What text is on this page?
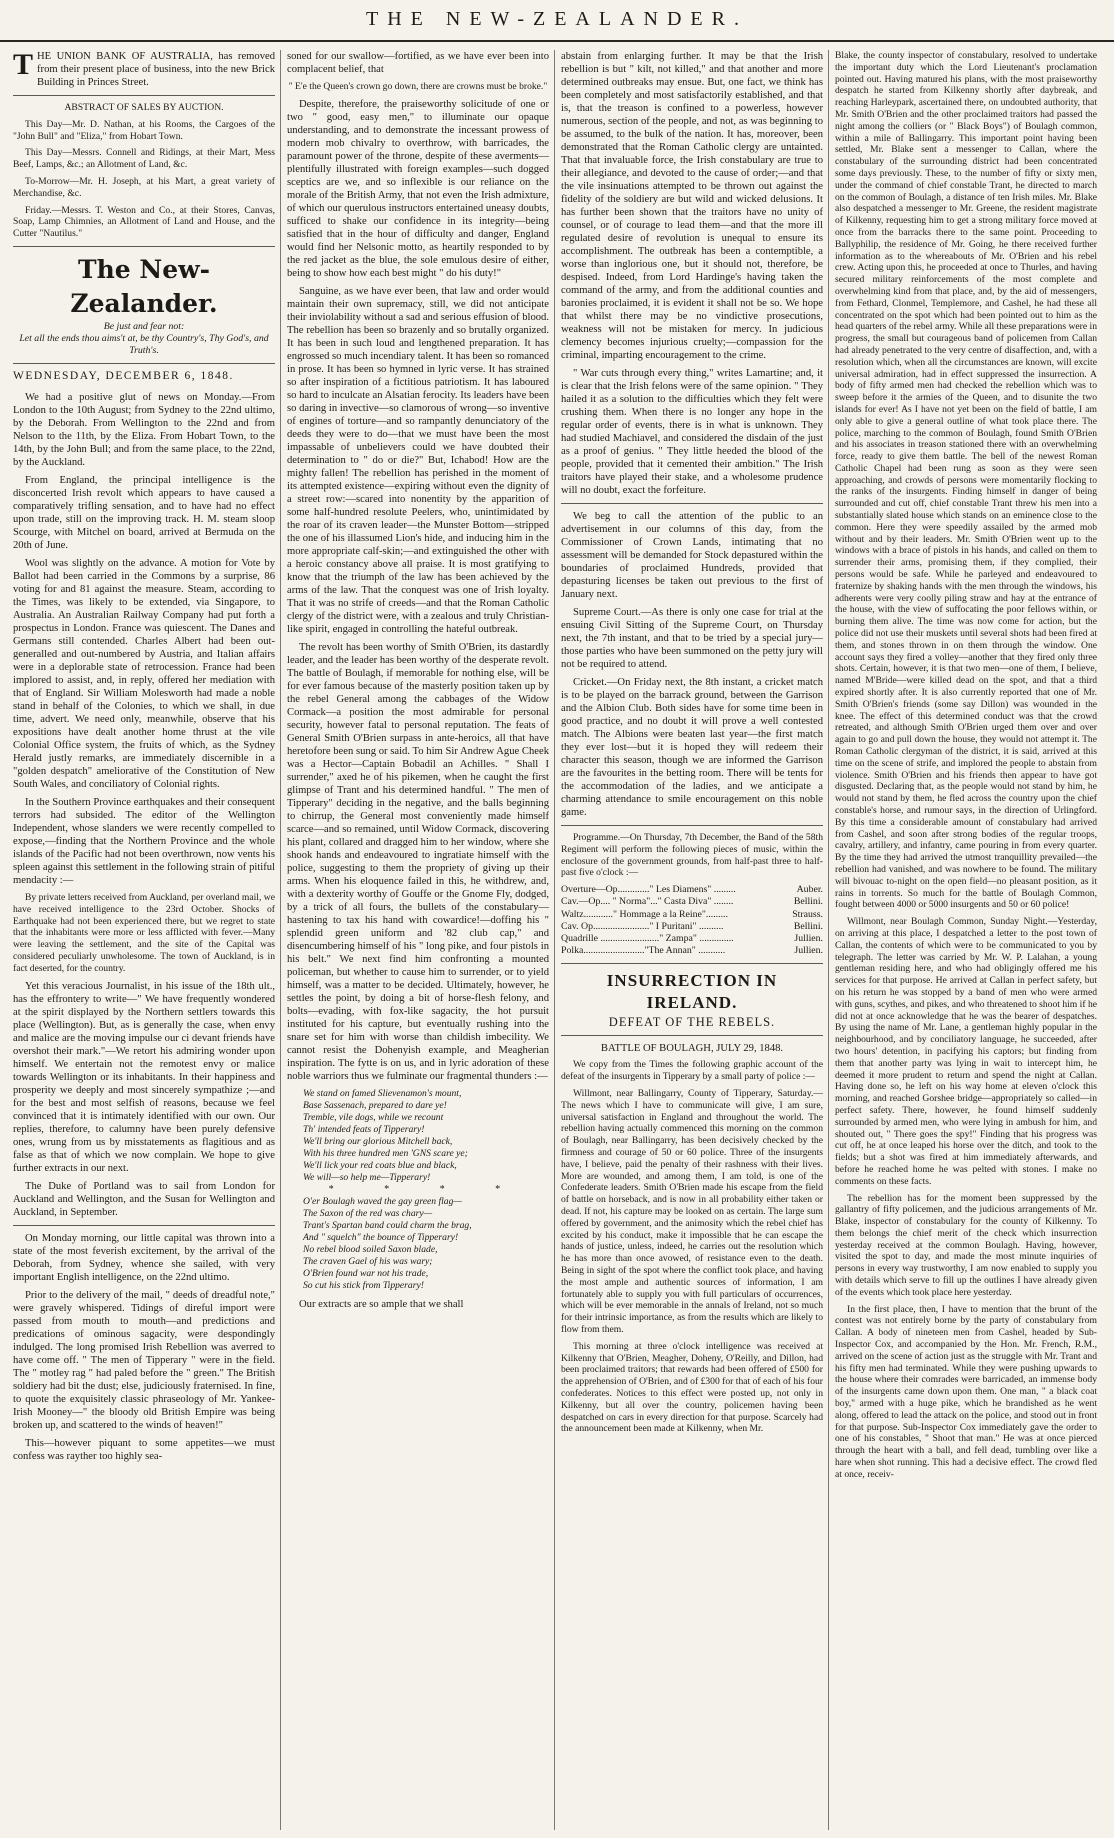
THE NEW-ZEALANDER.

THE UNION BANK OF AUSTRALIA, has removed from their present place of business, into the new Brick Building in Princes Street.

ABSTRACT OF SALES BY AUCTION.

This Day—Mr. D. Nathan, at his Rooms, the Cargoes of the "John Bull" and "Eliza," from Hobart Town.

This Day—Messrs. Connell and Ridings, at their Mart, Mess Beef, Lamps, &c.; an Allotment of Land, &c.

To-Morrow—Mr. H. Joseph, at his Mart, a great variety of Merchandise, &c.

Friday.—Messrs. T. Weston and Co., at their Stores, Canvas, Soap, Lamp Chimnies, an Allotment of Land and House, and the Cutter "Nautilus."

The New-Zealander.
Be just and fear not:
Let all the ends thou aims't at, be thy Country's, Thy God's, and Truth's.
WEDNESDAY, DECEMBER 6, 1848.

We had a positive glut of news on Monday.—From London to the 10th August; from Sydney to the 22nd ultimo, by the Deborah. From Wellington to the 22nd and from Nelson to the 11th, by the Eliza. From Hobart Town, to the 14th, by the John Bull; and from the same place, to the 22nd, by the Auckland.

From England, the principal intelligence is the disconcerted Irish revolt which appears to have caused a comparatively trifling sensation, and to have had no effect upon trade, still on the improving track. H. M. steam sloop Scourge, with Mitchel on board, arrived at Bermuda on the 20th of June.

Wool was slightly on the advance. A motion for Vote by Ballot had been carried in the Commons by a surprise, 86 voting for and 81 against the measure. Steam, according to the Times, was likely to be extended, via Singapore, to Australia. An Australian Railway Company had put forth a prospectus in London. France was quiescent. The Danes and Germans still contended. Charles Albert had been out-generalled and out-numbered by Austria, and Italian affairs were in a deplorable state of retrocession. France had been implored to assist, and, in reply, offered her mediation with that of England. Sir William Molesworth had made a noble stand in behalf of the Colonies, to which we shall, in due time, advert. We need only, meanwhile, observe that his expositions have dealt another home thrust at the vile Colonial Office system, the fruits of which, as the Sydney Herald justly remarks, are immediately discernible in a "golden despatch" ameliorative of the Constitution of New South Wales, and conciliatory of Colonial rights.

In the Southern Province earthquakes and their consequent terrors had subsided. The editor of the Wellington Independent, whose slanders we were recently compelled to expose,—finding that the Northern Province and the whole islands of the Pacific had not been overthrown, now vents his spleen against this settlement in the following strain of pitiful mendacity :—

By private letters received from Auckland, per overland mail, we have received intelligence to the 23rd October. Shocks of Earthquake had not been experienced there, but we regret to state that the inhabitants were more or less afflicted with fever.—Many were leaving the settlement, and the site of the Capital was considered peculiarly unwholesome. The town of Auckland, is in fact deserted, for the country.

Yet this veracious Journalist, in his issue of the 18th ult., has the effrontery to write—" We have frequently wondered at the spirit displayed by the Northern settlers towards this place (Wellington). But, as is generally the case, when envy and malice are the moving impulse our ci devant friends have overshot their mark."—We retort his admiring wonder upon himself. We entertain not the remotest envy or malice towards Wellington or its inhabitants. In their happiness and prosperity we deeply and most sincerely sympathize ;—and for the best and most selfish of reasons, because we feel convinced that it is intimately identified with our own. Our replies, therefore, to calumny have been purely defensive ones, wrung from us by misstatements as flagitious and as false as that of which we now complain. We hope to give further extracts in our next.

The Duke of Portland was to sail from London for Auckland and Wellington, and the Susan for Wellington and Auckland, in September.

On Monday morning, our little capital was thrown into a state of the most feverish excitement, by the arrival of the Deborah, from Sydney, whence she sailed, with very important English intelligence, on the 22nd ultimo.

Prior to the delivery of the mail, " deeds of dreadful note," were gravely whispered. Tidings of direful import were passed from mouth to mouth—and predictions and predications of ominous sagacity, were despondingly indulged. The long promised Irish Rebellion was averred to have come off. " The men of Tipperary " were in the field. The " motley rag " had paled before the " green." The British soldiery had bit the dust; else, judiciously fraternised. In fine, to quote the exquisitely classic phraseology of Mr. Yankee-Irish Mooney—" the bloody old British Empire was being broken up, and scattered to the winds of heaven!"

This—however piquant to some appetites—we must confess was rayther too highly sea-

soned for our swallow—fortified, as we have ever been into complacent belief, that

" E'e the Queen's crown go down, there are crowns must be broke."

Despite, therefore, the praiseworthy solicitude of one or two " good, easy men," to illuminate our opaque understanding, and to demonstrate the incessant prowess of modern mob chivalry to overthrow, with barricades, the paramount power of the throne, despite of these averments—plentifully illustrated with foreign examples—such dogged sceptics are we, and so inflexible is our reliance on the morale of the British Army, that not even the Irish admixture, of which our querulous instructors entertained uneasy doubts, sufficed to shake our confidence in its integrity—being satisfied that in the hour of difficulty and danger, England would find her Nelsonic motto, as heartily responded to by the red jacket as the blue, the sole emulous desire of either, being to show how each best might " do his duty!"

Sanguine, as we have ever been, that law and order would maintain their own supremacy, still, we did not anticipate their inviolability without a sad and serious effusion of blood. The rebellion has been so brazenly and so brutally organized. It has been in such loud and lengthened preparation. It has engrossed so much incendiary talent. It has been so romanced in prose. It has been so hymned in lyric verse. It has strained so after inspiration of a fictitious patriotism. It has laboured so hard to inculcate an Alsatian ferocity. Its leaders have been so daring in invective—so clamorous of wrong—so inventive of engines of torture—and so rampantly denunciatory of the deeds they were to do—that we must have been the most impassable of unbelievers could we have doubted their determination to " do or die?" But, Ichabod! How are the mighty fallen! The rebellion has perished in the moment of its attempted existence—expiring without even the dignity of a street row:—scared into nonentity by the apparition of some half-hundred resolute Peelers, who, unintimidated by the roar of its craven leader—the Munster Bottom—stripped the one of his illassumed Lion's hide, and inducing him in the more appropriate calf-skin;—and extinguished the other with a heroic constancy above all praise. It is most gratifying to know that the triumph of the law has been achieved by the arms of the law. That the conquest was one of Irish loyalty. That it was no strife of creeds—and that the Roman Catholic clergy of the district were, with a zealous and truly Christian-like spirit, engaged in controlling the hateful outbreak.

The revolt has been worthy of Smith O'Brien, its dastardly leader, and the leader has been worthy of the desperate revolt. The battle of Boulagh, if memorable for nothing else, will be for ever famous because of the masterly position taken up by the rebel General among the cabbages of the Widow Cormack—a position the most admirable for personal security, however fatal to personal reputation. The feats of General Smith O'Brien surpass in ante-heroics, all that have heretofore been sung or said. To him Sir Andrew Ague Cheek was a Hector—Captain Bobadil an Achilles. " Shall I surrender," axed he of his pikemen, when he caught the first glimpse of Trant and his determined handful. " The men of Tipperary" deciding in the negative, and the balls beginning to chirrup, the General most conveniently made himself scarce—and so remained, until Widow Cormack, discovering his plant, collared and dragged him to her window, where she shook hands and endeavoured to ingratiate himself with the police, suggesting to them the propriety of giving up their arms. When his eloquence failed in this, he withdrew, and, with a dexterity worthy of Gouffe or the Gnome Fly, dodged, by a trick of all fours, the bullets of the constabulary—hastening to tax his hand with cowardice!—doffing his " splendid green uniform and '82 club cap," and disencumbering himself of his " long pike, and four pistols in his belt." We next find him confronting a mounted policeman, but whether to cause him to surrender, or to yield himself, was a matter to be decided. Ultimately, however, he settles the point, by doing a bit of horse-flesh felony, and bolts—evading, with fox-like sagacity, the hot pursuit instituted for his capture, but eventually rushing into the snare set for him with worse than childish imbecility. We cannot resist the Dohenyish example, and Meagherian inspiration. The fytte is on us, and in lyric adoration of these noble warriors thus we fulminate our fragmental thunders :—

We stand on famed Slievenamon's mount,
Base Sassenach, prepared to dare ye!
Tremble, vile dogs, while we recount
Th' intended feats of Tipperary!
We'll bring our glorious Mitchell back,
With his three hundred men 'GNS scare ye;
We'll lick your red coats blue and black,
We will—so help me—Tipperary!
* * * *
O'er Boulagh waved the gay green flag—
The Saxon of the red was chary—
Trant's Spartan band could charm the brag,
And " squelch" the bounce of Tipperary!
No rebel blood soiled Saxon blade,
The craven Gael of his was wary;
O'Brien found war not his trade,
So cut his stick from Tipperary!

Our extracts are so ample that we shall

abstain from enlarging further. It may be that the Irish rebellion is but " kilt, not killed," and that another and more determined outbreaks may ensue. But, one fact, we think has been completely and most satisfactorily established, and that is, that the treason is confined to a powerless, however numerous, section of the people, and not, as was beginning to be assumed, to the bulk of the nation. It has, moreover, been demonstrated that the Roman Catholic clergy are untainted. That that invaluable force, the Irish constabulary are true to their allegiance, and devoted to the cause of order;—and that the vile insinuations attempted to be thrown out against the fidelity of the soldiery are but wild and wicked delusions. It has further been shown that the traitors have no unity of counsel, or of courage to lead them—and that the more ill regulated desire of revolution is unequal to ensure its accomplishment. The outbreak has been a contemptible, a worse than inglorious one, but it should not, therefore, be despised. Indeed, from Lord Hardinge's having taken the command of the army, and from the additional counties and baronies proclaimed, it is evident it shall not be so. We hope that whilst there may be no vindictive prosecutions, weakness will not be mistaken for mercy. In judicious clemency becomes injurious cruelty;—compassion for the criminal, imparting encouragement to the crime.

" War cuts through every thing," writes Lamartine; and, it is clear that the Irish felons were of the same opinion. " They hailed it as a solution to the difficulties which they felt were crushing them. When there is no longer any hope in the regular order of events, there is in what is unknown. They had studied Machiavel, and considered the disdain of the just as a proof of genius. " They little heeded the blood of the people, provided that it cemented their ambition." The Irish traitors have played their stake, and a wholesome prudence will no doubt, exact the forfeiture.

We beg to call the attention of the public to an advertisement in our columns of this day, from the Commissioner of Crown Lands, intimating that no assessment will be demanded for Stock depastured within the boundaries of proclaimed Hundreds, provided that depasturing licenses be taken out previous to the first of January next.

Supreme Court.—As there is only one case for trial at the ensuing Civil Sitting of the Supreme Court, on Thursday next, the 7th instant, and that to be tried by a special jury—those parties who have been summoned on the petty jury will not be required to attend.

Cricket.—On Friday next, the 8th instant, a cricket match is to be played on the barrack ground, between the Garrison and the Albion Club. Both sides have for some time been in good practice, and no doubt it will prove a well contested match. The Albions were beaten last year—the first match they ever lost—but it is hoped they will redeem their character this season, though we are informed the Garrison are the favourites in the betting room. There will be tents for the accommodation of the ladies, and we anticipate a charming attendance to smile encouragement on this noble game.

Programme.—On Thursday, 7th December, the Band of the 58th Regiment will perform the following pieces of music, within the enclosure of the government grounds, from half-past three to half-past five o'clock :—

Overture—Op............." Les Diamens" .........	Auber.
Cav.—Op.... " Norma"..." Casta Diva" ........	Bellini.
Waltz............" Hommage a la Reine".........	Strauss.
Cav. Op......................." I Puritani" ..........	Bellini.
Quadrille ........................" Zampa" ..............	Jullien.
Polka........................."The Annan" ...........	Jullien.
INSURRECTION IN IRELAND.
DEFEAT OF THE REBELS.
BATTLE OF BOULAGH, JULY 29, 1848.

We copy from the Times the following graphic account of the defeat of the insurgents in Tipperary by a small party of police :—

Willmont, near Ballingarry, County of Tipperary, Saturday.—The news which I have to communicate will give, I am sure, universal satisfaction in England and throughout the world. The rebellion having actually commenced this morning on the common of Boulagh, near Ballingarry, has been decisively checked by the firmness and courage of 50 or 60 police. Three of the insurgents have, I believe, paid the penalty of their rashness with their lives. More are wounded, and among them, I am told, is one of the Confederate leaders. Smith O'Brien made his escape from the field of battle on horseback, and is now in all probability either taken or dead. If not, his capture may be looked on as certain. The large sum offered by government, and the animosity which the rebel chief has excited by his conduct, make it impossible that he can escape the hands of justice, unless, indeed, he carries out the resolution which he has more than once avowed, of resistance even to the death. Being in sight of the spot where the conflict took place, and having the most ample and authentic sources of information, I am fortunately able to supply you with full particulars of occurrences, which will be ever memorable in the annals of Ireland, not so much for their intrinsic importance, as from the results which are likely to flow from them.

This morning at three o'clock intelligence was received at Kilkenny that O'Brien, Meagher, Doheny, O'Reilly, and Dillon, had been proclaimed traitors; that rewards had been offered of £500 for the apprehension of O'Brien, and of £300 for that of each of his four confederates. Notices to this effect were posted up, not only in Kilkenny, but all over the country, policemen having been despatched on cars in every direction for that purpose. Scarcely had the announcement been made at Kilkenny, when Mr.

Blake, the county inspector of constabulary, resolved to undertake the important duty which the Lord Lieutenant's proclamation pointed out. Having matured his plans, with the most praiseworthy despatch he started from Kilkenny shortly after daybreak, and reaching Harleypark, ascertained there, on undoubted authority, that Mr. Smith O'Brien and the other proclaimed traitors had passed the night among the colliers (or " Black Boys") of Boulagh common, within a mile of Ballingarry. This important point having been settled, Mr. Blake sent a messenger to Callan, where the constabulary of the surrounding district had been concentrated some days previously. These, to the number of fifty or sixty men, under the command of chief constable Trant, he directed to march on the common of Boulagh, a distance of ten Irish miles. Mr. Blake also despatched a messenger to Mr. Greene, the resident magistrate of Kilkenny, requesting him to get a strong military force moved at once from the barracks there to the same point. Proceeding to Ballyphilip, the residence of Mr. Going, he there received further information as to the whereabouts of Mr. O'Brien and his rebel crew. Acting upon this, he proceeded at once to Thurles, and having secured military reinforcements of the most complete and overwhelming kind from that place, and, by the aid of messengers, from Fethard, Clonmel, Templemore, and Cashel, he had these all concentrated on the spot which had been pointed out to him as the head quarters of the rebel army. While all these preparations were in progress, the small but courageous band of policemen from Callan had already penetrated to the very centre of disaffection, and, with a resolution which, when all the circumstances are known, will excite universal admiration, had in effect suppressed the insurrection. A body of fifty armed men had checked the rebellion which was to sweep before it the armies of the Queen, and to disunite the two islands for ever! As I have not yet been on the field of battle, I am only able to give a general outline of what took place there. The police, marching to the common of Boulagh, found Smith O'Brien and his associates in treason stationed there with an overwhelming force, ready to give them battle. The bell of the newest Roman Catholic Chapel had been rung as soon as they were seen approaching, and crowds of persons were momentarily flocking to the ranks of the insurgents. Finding himself in danger of being surrounded and cut off, chief constable Trant threw his men into a substantially slated house which stands on an eminence close to the common. Here they were speedily assailed by the armed mob without and by their leaders. Mr. Smith O'Brien went up to the windows with a brace of pistols in his hands, and called on them to surrender their arms, promising them, if they complied, their persons would be safe. While he parleyed and endeavoured to fraternize by shaking hands with the men through the windows, his adherents were very coolly piling straw and hay at the entrance of the house, with the view of suffocating the poor fellows within, or burning them alive. The time was now come for action, but the police did not use their muskets until several shots had been fired at them, and stones thrown in on them through the window. One account says they fired a volley—another that they fired only three shots. Certain, however, it is that two men—one of them, I believe, named M'Bride—were killed dead on the spot, and that a third expired shortly after. It is also currently reported that one of Mr. Smith O'Brien's friends (some say Dillon) was wounded in the knee. The effect of this determined conduct was that the crowd retreated, and although Smith O'Brien urged them over and over again to go and pull down the house, they would not attempt it. The Roman Catholic clergyman of the district, it is said, arrived at this time on the scene of strife, and implored the people to abstain from violence. Smith O'Brien and his friends then appear to have got disgusted. Declaring that, as the people would not stand by him, he would not stand by them, he fled across the country upon the chief constable's horse, and rumour says, in the direction of Urlingford. By this time a considerable amount of constabulary had arrived from Cashel, and soon after strong bodies of the regular troops, cavalry, artillery, and infantry, came pouring in from every quarter. By the time they had arrived the utmost tranquillity prevailed—the rebellion had vanished, and was nowhere to be found. The military will bivouac to-night on the open field—no pleasant position, as it rains in torrents. So much for the battle of Boulagh Common, fought between 4000 or 5000 insurgents and 50 or 60 police!

Willmont, near Boulagh Common, Sunday Night.—Yesterday, on arriving at this place, I despatched a letter to the post town of Callan, the contents of which were to be communicated to you by telegraph. The letter was carried by Mr. W. P. Lalahan, a young gentleman residing here, and who had obligingly offered me his services for that purpose. He arrived at Callan in perfect safety, but on his return he was stopped by a band of men who were armed with guns, scythes, and pikes, and who threatened to shoot him if he did not at once acknowledge that he was the bearer of despatches. By using the name of Mr. Lane, a gentleman highly popular in the neighbourhood, and by conciliatory language, he succeeded, after two hours' detention, in pacifying his captors; but finding from them that another party was lying in wait to intercept him, he deemed it more prudent to return and spend the night at Callan. Having done so, he left on his way home at eleven o'clock this morning, and reached Gorshee bridge—appropriately so called—in perfect safety. There, however, he found himself suddenly surrounded by armed men, who were lying in ambush for him, and shouted out, " There goes the spy!" Finding that his progress was cut off, he at once leaped his horse over the ditch, and took to the fields; but a shot was fired at him immediately afterwards, and before he reached home he was pelted with stones. I make no comments on these facts.

The rebellion has for the moment been suppressed by the gallantry of fifty policemen, and the judicious arrangements of Mr. Blake, inspector of constabulary for the county of Kilkenny. To them belongs the chief merit of the check which insurrection yesterday received at the common Boulagh. Having, however, visited the spot to day, and made the most minute inquiries of persons in every way trustworthy, I am now enabled to supply you with details which serve to fill up the outlines I have already given of the events which took place here yesterday.

In the first place, then, I have to mention that the brunt of the contest was not entirely borne by the party of constabulary from Callan. A body of nineteen men from Cashel, headed by Sub-Inspector Cox, and accompanied by the Hon. Mr. French, R.M., arrived on the scene of action just as the struggle with Mr. Trant and his fifty men had terminated. While they were pushing upwards to the house where their comrades were barricaded, an immense body of the insurgents came down upon them. One man, " a black coat boy," armed with a huge pike, which he brandished as he went along, offered to lead the attack on the police, and stood out in front for that purpose. Sub-Inspector Cox immediately gave the order to one of his constables, " Shoot that man." He was at once pierced through the heart with a ball, and fell dead, tumbling over like a hare when shot running. This had a decisive effect. The crowd fled at once, receiv-
